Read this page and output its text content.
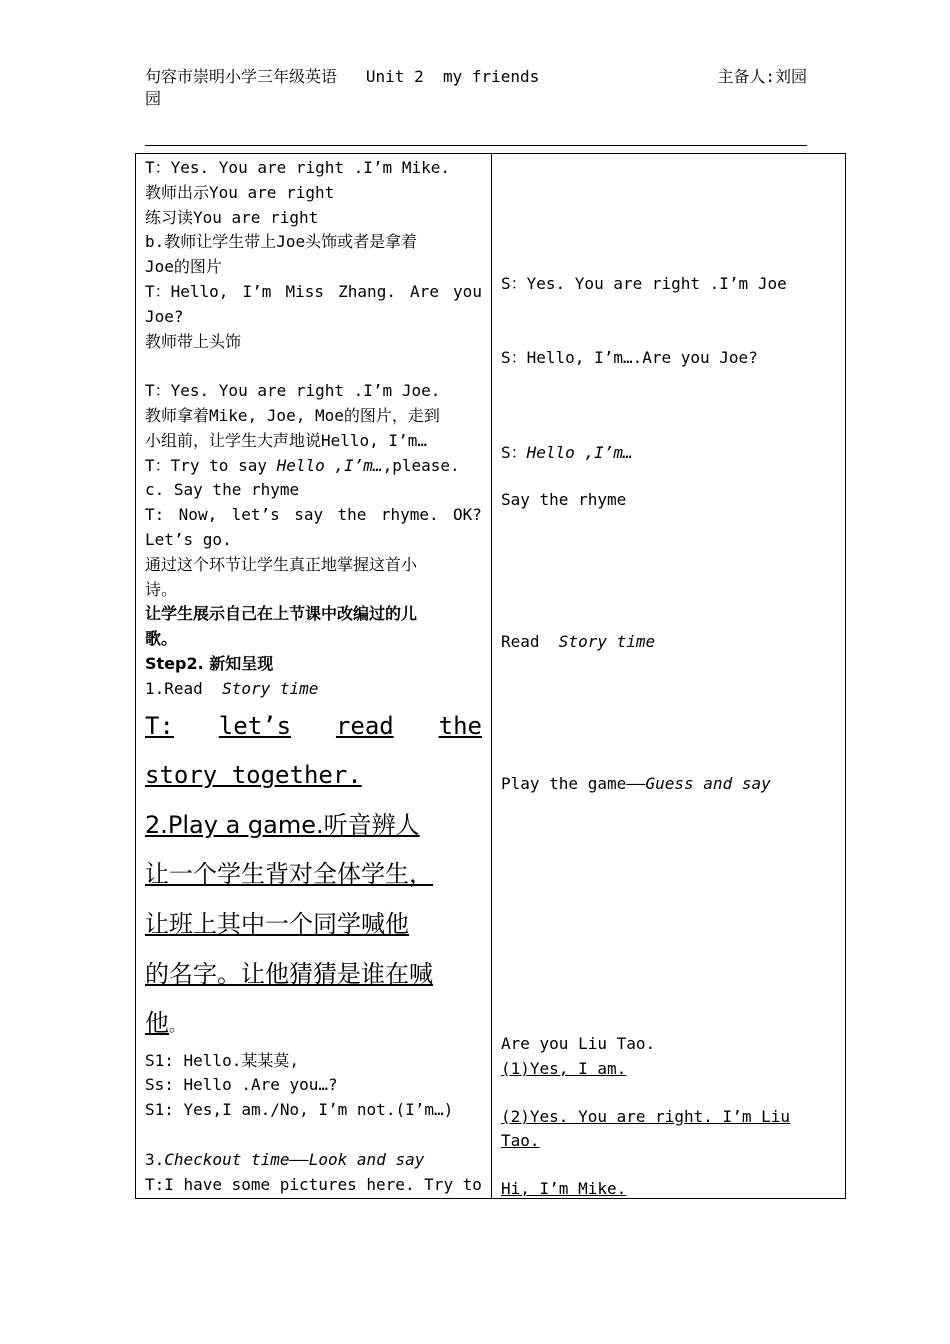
句容市崇明小学三年级英语   Unit 2  my friends	主备人:刘园
园
T：Yes. You are right .I’m Mike.
教师出示You are right
练习读You are right
b.教师让学生带上Joe头饰或者是拿着
Joe的图片
T：Hello, I’m Miss Zhang. Are you
Joe?
教师带上头饰
T：Yes. You are right .I’m Joe.
教师拿着Mike, Joe, Moe的图片，走到
小组前，让学生大声地说Hello, I’m…
T：Try to say Hello ,I’m…,please.
c. Say the rhyme
T: Now, let’s say the rhyme. OK?
Let’s go.
通过这个环节让学生真正地掌握这首小
诗。
让学生展示自己在上节课中改编过的儿
歌。
Step2. 新知呈现
1.Read  Story time
T: let’s read the
story together.
2.Play a game.听音辨人
让一个学生背对全体学生，
让班上其中一个同学喊他
的名字。让他猜猜是谁在喊
他。
S1: Hello.某某莫,
Ss: Hello .Are you…?
S1: Yes,I am./No, I’m not.(I’m…)
3.Checkout time——Look and say
T:I have some pictures here. Try to
S：Yes. You are right .I’m Joe
S：Hello, I’m….Are you Joe?
S：Hello ,I’m…
Say the rhyme
Read  Story time
Play the game——Guess and say
Are you Liu Tao.
(1)Yes, I am.
(2)Yes. You are right. I’m Liu
Tao.
Hi, I’m Mike.
